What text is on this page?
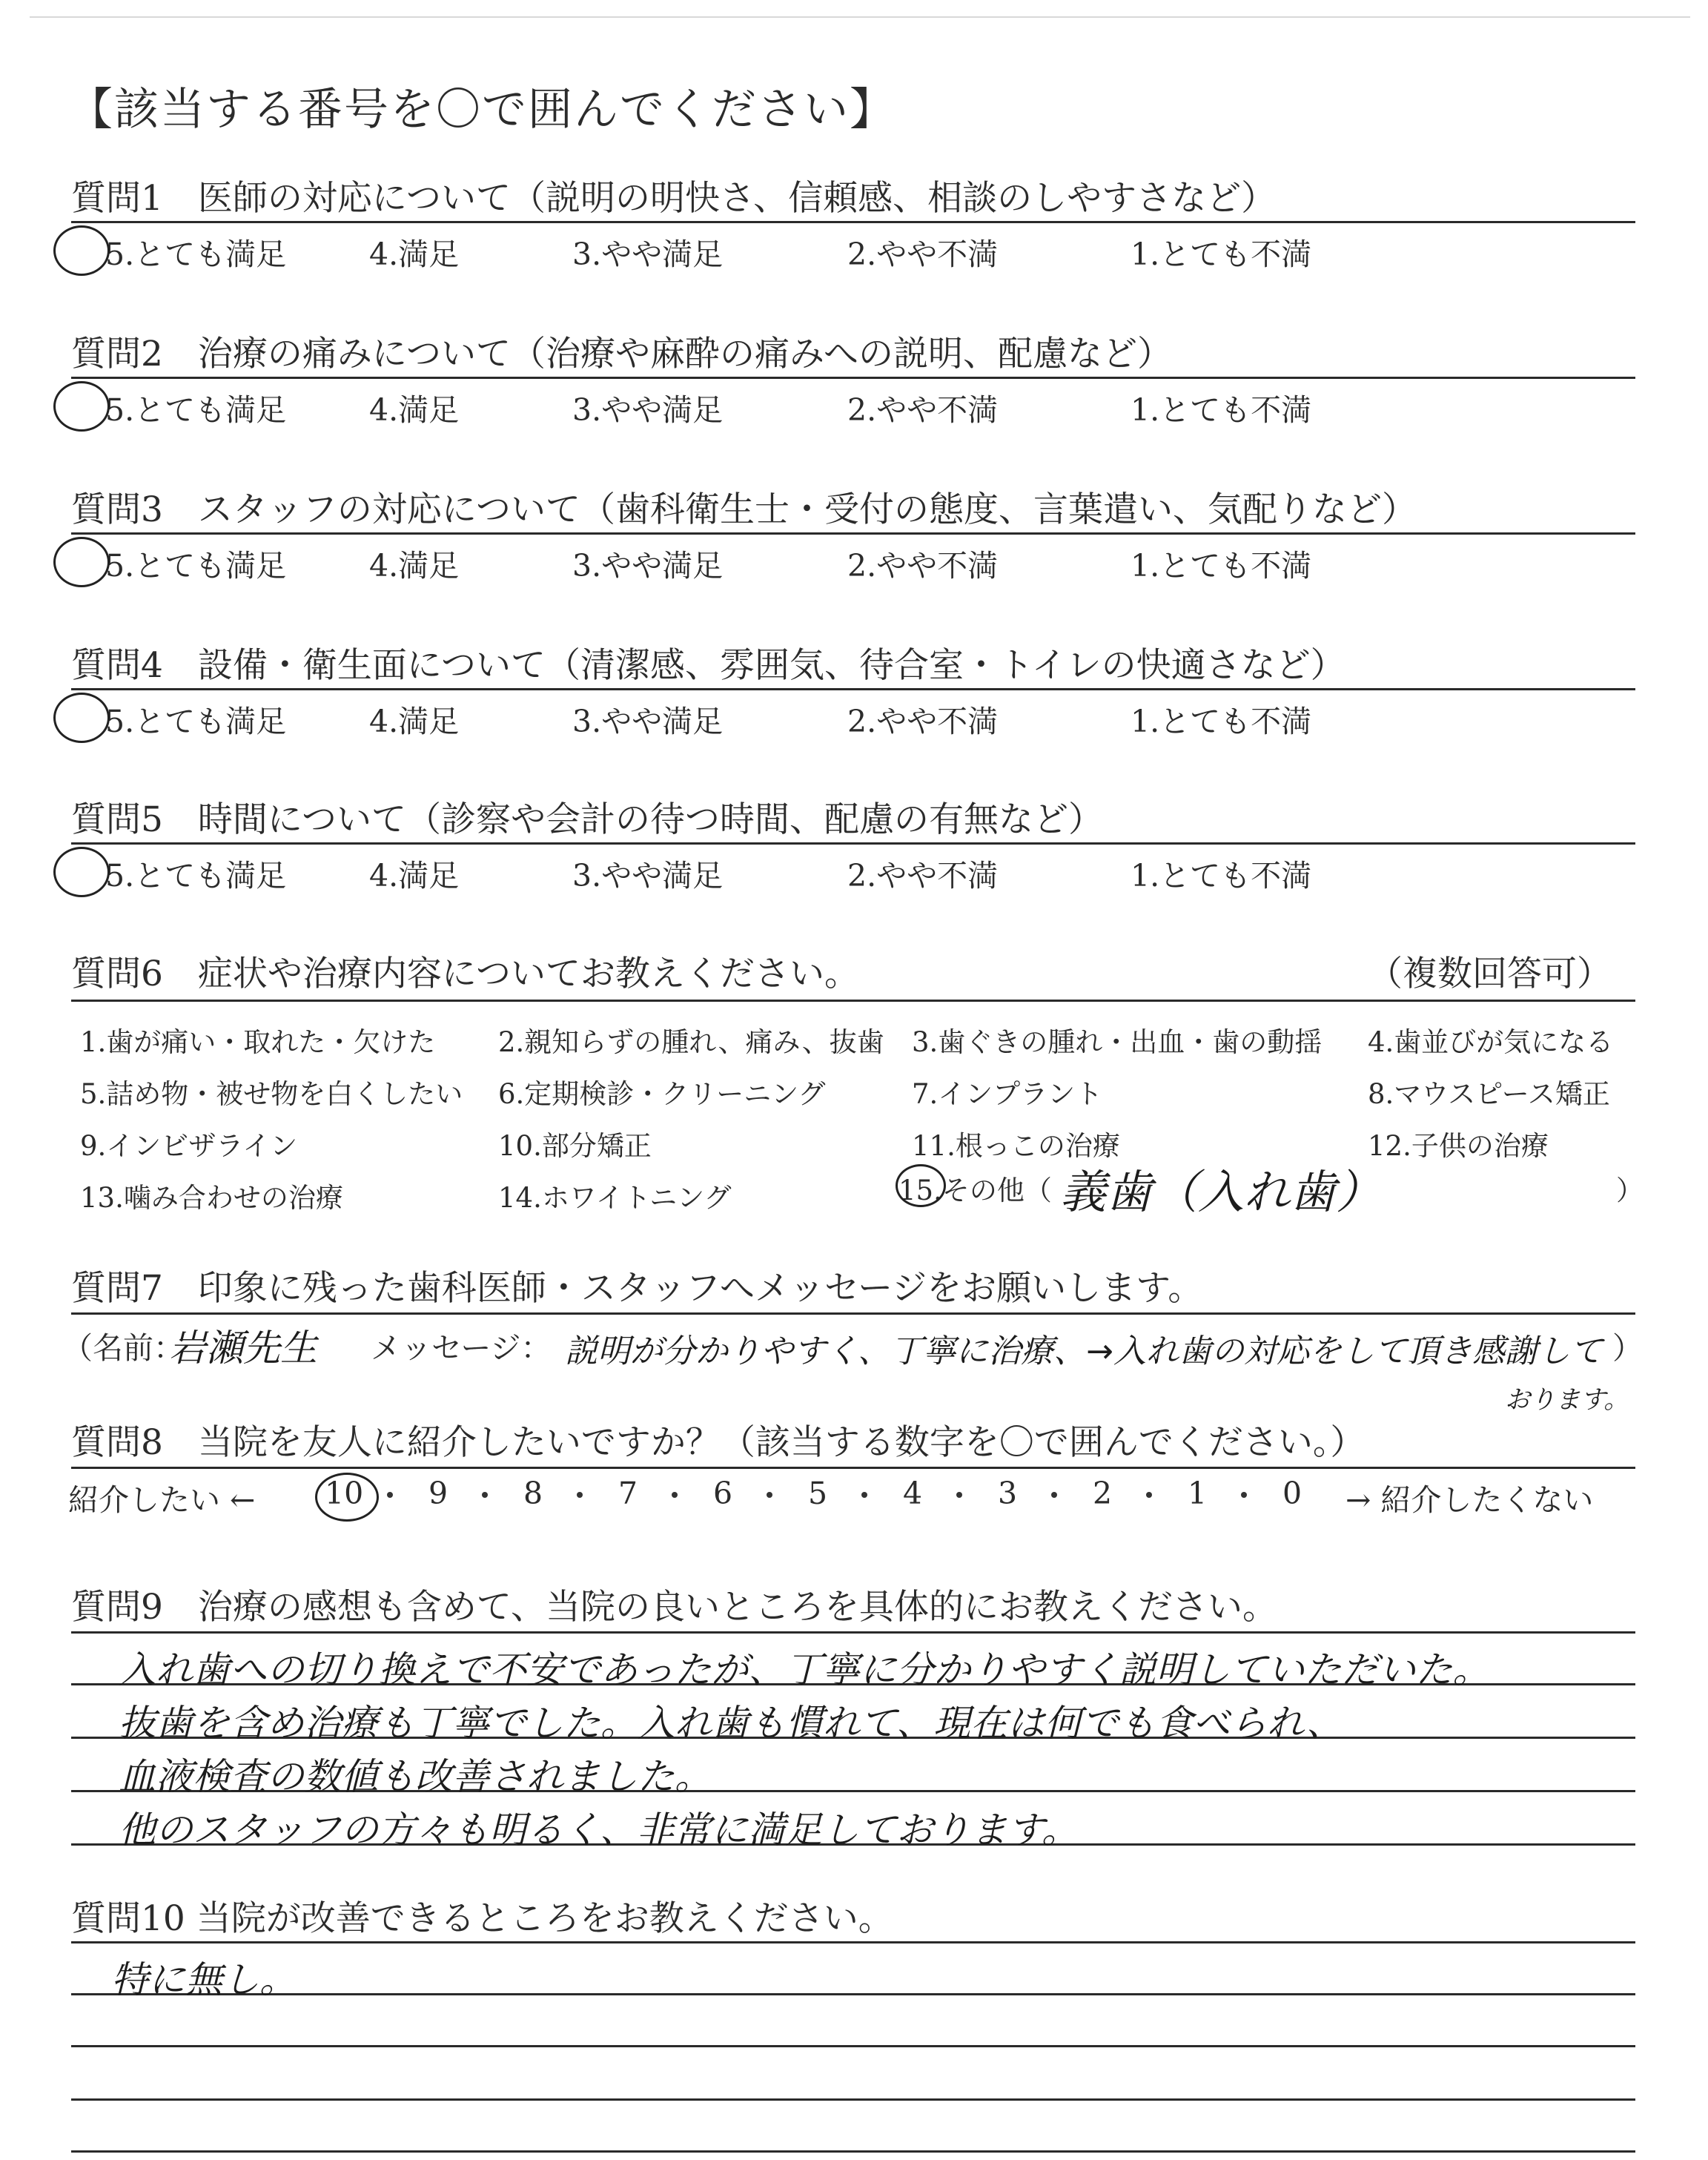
【該当する番号を〇で囲んでください】
質問1　医師の対応について（説明の明快さ、信頼感、相談のしやすさなど）
5.とても満足	4.満足	3.やや満足	2.やや不満	1.とても不満
質問2　治療の痛みについて（治療や麻酔の痛みへの説明、配慮など）
5.とても満足	4.満足	3.やや満足	2.やや不満	1.とても不満
質問3　スタッフの対応について（歯科衛生士・受付の態度、言葉遣い、気配りなど）
5.とても満足	4.満足	3.やや満足	2.やや不満	1.とても不満
質問4　設備・衛生面について（清潔感、雰囲気、待合室・トイレの快適さなど）
5.とても満足	4.満足	3.やや満足	2.やや不満	1.とても不満
質問5　時間について（診察や会計の待つ時間、配慮の有無など）
5.とても満足	4.満足	3.やや満足	2.やや不満	1.とても不満
質問6　症状や治療内容についてお教えください。	（複数回答可）
1.歯が痛い・取れた・欠けた 2.親知らずの腫れ、痛み、抜歯 3.歯ぐきの腫れ・出血・歯の動揺 4.歯並びが気になる
5.詰め物・被せ物を白くしたい 6.定期検診・クリーニング	7.インプラント	8.マウスピース矯正
9.インビザライン	10.部分矯正	11.根っこの治療	12.子供の治療
13.噛み合わせの治療	14.ホワイトニング	15.その他（ 義歯（入れ歯）	）
質問7　印象に残った歯科医師・スタッフへメッセージをお願いします。
（名前：
岩瀬先生 メッセージ： 説明が分かりやすく、丁寧に治療、→入れ歯の対応をして頂き感謝して ）
おります。
質問8　当院を友人に紹介したいですか？（該当する数字を〇で囲んでください。）
紹介したい ← 10 9 8 7 6 5 4 3 2 1 0 → 紹介したくない
質問9　治療の感想も含めて、当院の良いところを具体的にお教えください。
入れ歯への切り換えで不安であったが、丁寧に分かりやすく説明していただいた。
抜歯を含め治療も丁寧でした。入れ歯も慣れて、現在は何でも食べられ、
血液検査の数値も改善されました。
他のスタッフの方々も明るく、非常に満足しております。
質問10 当院が改善できるところをお教えください。
特に無し。
